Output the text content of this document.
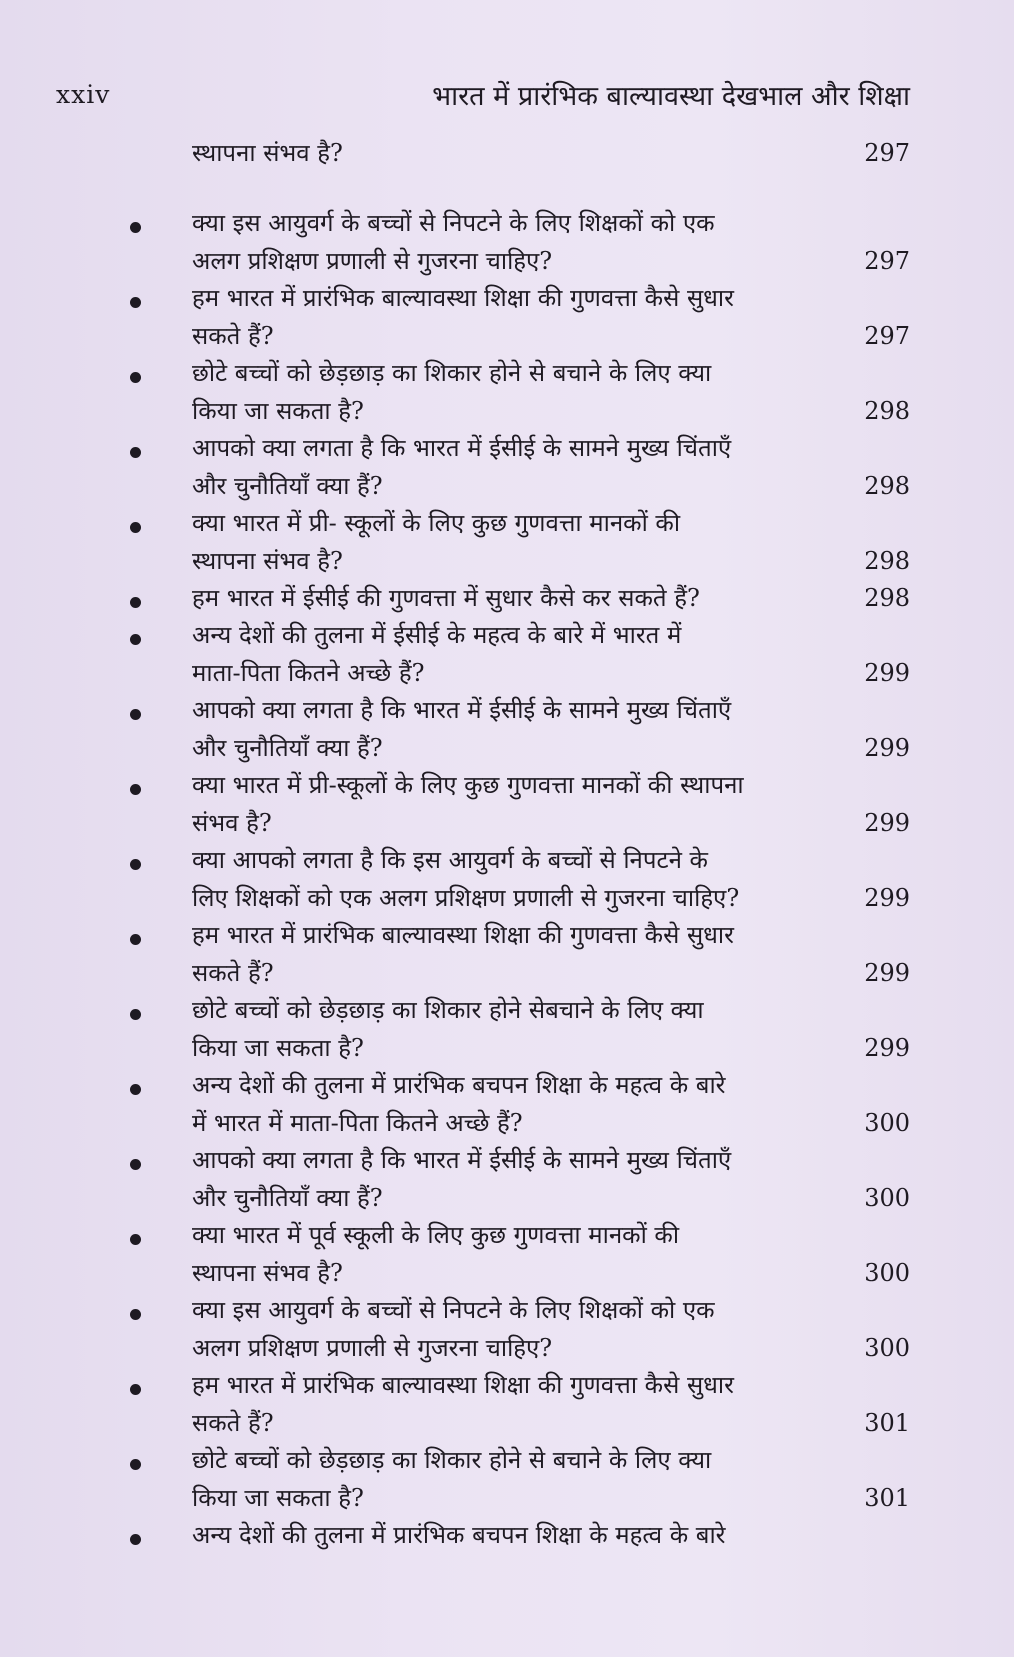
xxiv	भारत में प्रारंभिक बाल्यावस्था देखभाल और शिक्षा
स्थापना संभव है?	297
क्या इस आयुवर्ग के बच्चों से निपटने के लिए शिक्षकों को एक
अलग प्रशिक्षण प्रणाली से गुजरना चाहिए?	297
हम भारत में प्रारंभिक बाल्यावस्था शिक्षा की गुणवत्ता कैसे सुधार
सकते हैं?	297
छोटे बच्चों को छेड़छाड़ का शिकार होने से बचाने के लिए क्या
किया जा सकता है?	298
आपको क्या लगता है कि भारत में ईसीई के सामने मुख्य चिंताएँ
और चुनौतियाँ क्या हैं?	298
क्या भारत में प्री- स्कूलों के लिए कुछ गुणवत्ता मानकों की
स्थापना संभव है?	298
हम भारत में ईसीई की गुणवत्ता में सुधार कैसे कर सकते हैं?	298
अन्य देशों की तुलना में ईसीई के महत्व के बारे में भारत में
माता-पिता कितने अच्छे हैं?	299
आपको क्या लगता है कि भारत में ईसीई के सामने मुख्य चिंताएँ
और चुनौतियाँ क्या हैं?	299
क्या भारत में प्री-स्कूलों के लिए कुछ गुणवत्ता मानकों की स्थापना
संभव है?	299
क्या आपको लगता है कि इस आयुवर्ग के बच्चों से निपटने के
लिए शिक्षकों को एक अलग प्रशिक्षण प्रणाली से गुजरना चाहिए?	299
हम भारत में प्रारंभिक बाल्यावस्था शिक्षा की गुणवत्ता कैसे सुधार
सकते हैं?	299
छोटे बच्चों को छेड़छाड़ का शिकार होने सेबचाने के लिए क्या
किया जा सकता है?	299
अन्य देशों की तुलना में प्रारंभिक बचपन शिक्षा के महत्व के बारे
में भारत में माता-पिता कितने अच्छे हैं?	300
आपको क्या लगता है कि भारत में ईसीई के सामने मुख्य चिंताएँ
और चुनौतियाँ क्या हैं?	300
क्या भारत में पूर्व स्कूली के लिए कुछ गुणवत्ता मानकों की
स्थापना संभव है?	300
क्या इस आयुवर्ग के बच्चों से निपटने के लिए शिक्षकों को एक
अलग प्रशिक्षण प्रणाली से गुजरना चाहिए?	300
हम भारत में प्रारंभिक बाल्यावस्था शिक्षा की गुणवत्ता कैसे सुधार
सकते हैं?	301
छोटे बच्चों को छेड़छाड़ का शिकार होने से बचाने के लिए क्या
किया जा सकता है?	301
अन्य देशों की तुलना में प्रारंभिक बचपन शिक्षा के महत्व के बारे
